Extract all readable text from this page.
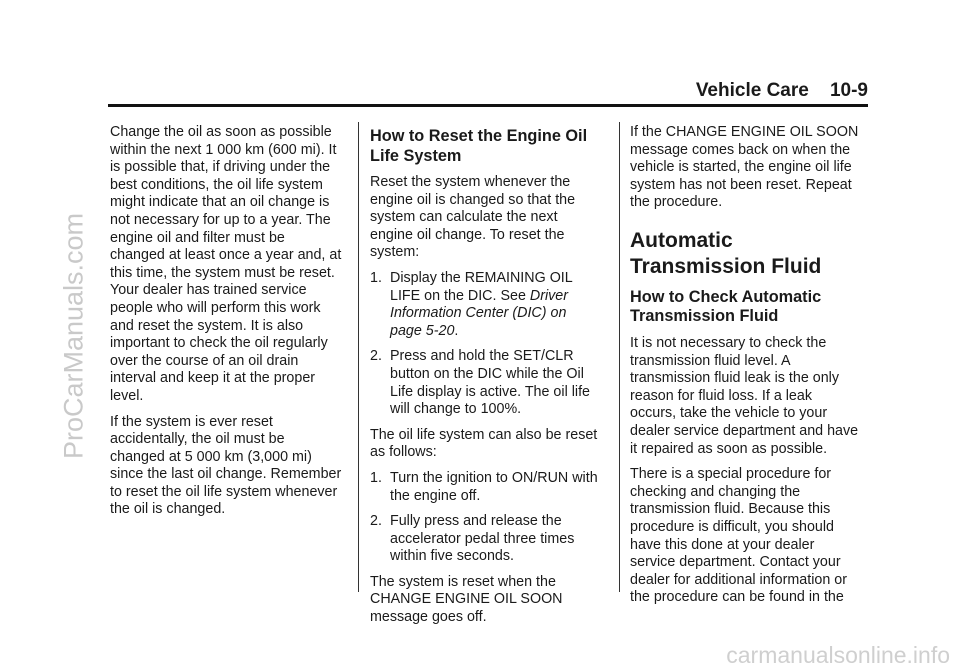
Vehicle Care 10-9

Change the oil as soon as possible within the next 1 000 km (600 mi). It is possible that, if driving under the best conditions, the oil life system might indicate that an oil change is not necessary for up to a year. The engine oil and filter must be changed at least once a year and, at this time, the system must be reset. Your dealer has trained service people who will perform this work and reset the system. It is also important to check the oil regularly over the course of an oil drain interval and keep it at the proper level.

If the system is ever reset accidentally, the oil must be changed at 5 000 km (3,000 mi) since the last oil change. Remember to reset the oil life system whenever the oil is changed.

How to Reset the Engine Oil Life System

Reset the system whenever the engine oil is changed so that the system can calculate the next engine oil change. To reset the system:

1. Display the REMAINING OIL LIFE on the DIC. See Driver Information Center (DIC) on page 5-20.
2. Press and hold the SET/CLR button on the DIC while the Oil Life display is active. The oil life will change to 100%.

The oil life system can also be reset as follows:

1. Turn the ignition to ON/RUN with the engine off.
2. Fully press and release the accelerator pedal three times within five seconds.

The system is reset when the CHANGE ENGINE OIL SOON message goes off.

If the CHANGE ENGINE OIL SOON message comes back on when the vehicle is started, the engine oil life system has not been reset. Repeat the procedure.

Automatic Transmission Fluid
How to Check Automatic Transmission Fluid

It is not necessary to check the transmission fluid level. A transmission fluid leak is the only reason for fluid loss. If a leak occurs, take the vehicle to your dealer service department and have it repaired as soon as possible.

There is a special procedure for checking and changing the transmission fluid. Because this procedure is difficult, you should have this done at your dealer service department. Contact your dealer for additional information or the procedure can be found in the

ProCarManuals.com
carmanualsonline.info
